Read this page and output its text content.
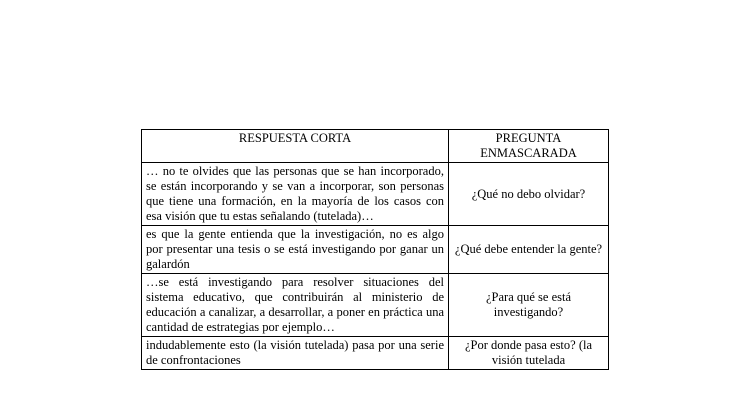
RESPUESTA CORTA	PREGUNTA ENMASCARADA
… no te olvides que las personas que se han incorporado, se están incorporando y se van a incorporar, son personas que tiene una formación, en la mayoría de los casos con esa visión que tu estas señalando (tutelada)…	¿Qué no debo olvidar?
es que la gente entienda que la investigación, no es algo por presentar una tesis o se está investigando por ganar un galardón	¿Qué debe entender la gente?
…se está investigando para resolver situaciones del sistema educativo, que contribuirán al ministerio de educación a canalizar, a desarrollar, a poner en práctica una cantidad de estrategias por ejemplo…	¿Para qué se está investigando?
indudablemente esto (la visión tutelada) pasa por una serie de confrontaciones	¿Por donde pasa esto? (la visión tutelada
